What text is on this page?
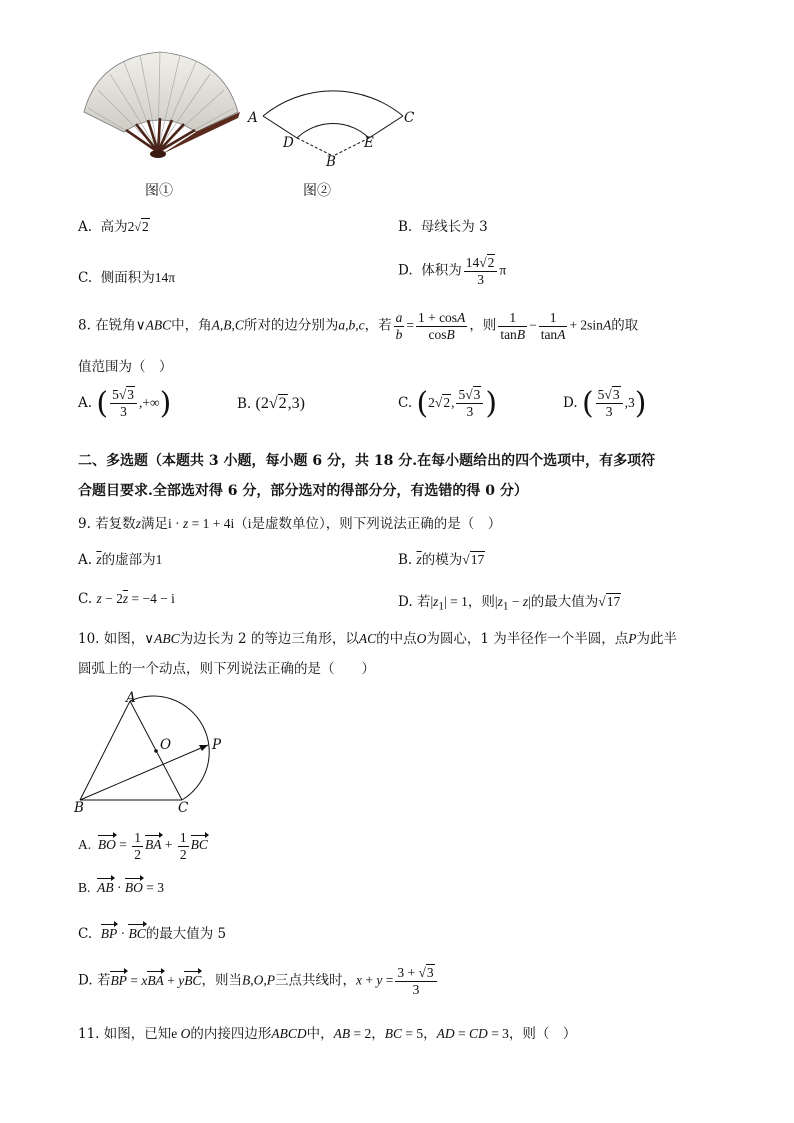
图①
A	C
D	E
B
图②
A. 高为2√2	B. 母线长为 3
C. 侧面积为14π	D. 体积为 $\frac{14√2}{3}$ π
8. 在锐角∨ABC中，角A,B,C所对的边分别为a,b,c，若 $\frac{a}{b} = \frac{1 + \cos A}{\cos B}$ ，则 $\frac{1}{\tan B} - \frac{1}{\tan A} + 2\sin A$的取
值范围为（　）
A. ( $\frac{5√3}{3}$ ,+∞)	B. (2√2,3)	C. (2√2, $\frac{5√3}{3}$ )	D. ( $\frac{5√3}{3} ,3$)
二、多选题（本题共 3 小题，每小题 6 分，共 18 分.在每小题给出的四个选项中，有多项符
合题目要求.全部选对得 6 分，部分选对的得部分分，有选错的得 0 分）
9. 若复数z满足i · z = 1 + 4i（i是虚数单位），则下列说法正确的是（　）
A. $\overline{z}$的虚部为1	B. $\overline{z}$的模为√17
C. $z - 2\overline{z} = -4 - i$	D. 若$|z_1| = 1$，则$|z_1 - z|$的最大值为√17
10. 如图，∨ABC为边长为 2 的等边三角形，以AC的中点O为圆心，1 为半径作一个半圆，点P为此半
圆弧上的一个动点，则下列说法正确的是（　　）
A
O	P
B	C
A. BO = $\frac{1}{2}$ BA + $\frac{1}{2}$ BC
B. AB · BO = 3
C. BP · BC的最大值为 5
D. 若BP = xBA + yBC，则当B,O,P三点共线时，$x + y = \frac{3 + √3}{3}$
11. 如图，已知e O的内接四边形ABCD中，AB = 2，BC = 5，AD = CD = 3，则（　）
